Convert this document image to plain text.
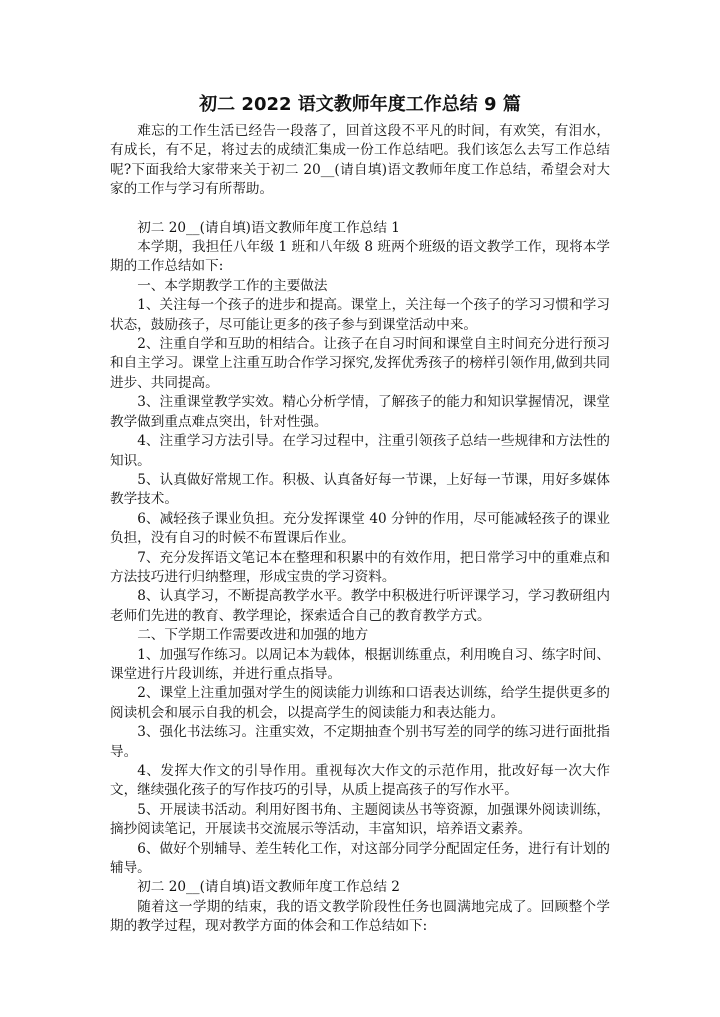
初二 2022 语文教师年度工作总结 9 篇

难忘的工作生活已经告一段落了，回首这段不平凡的时间，有欢笑，有泪水，有成长，有不足，将过去的成绩汇集成一份工作总结吧。我们该怎么去写工作总结呢?下面我给大家带来关于初二 20__(请自填)语文教师年度工作总结，希望会对大家的工作与学习有所帮助。

初二 20__(请自填)语文教师年度工作总结 1

本学期，我担任八年级 1 班和八年级 8 班两个班级的语文教学工作，现将本学期的工作总结如下:

一、本学期教学工作的主要做法

1、关注每一个孩子的进步和提高。课堂上，关注每一个孩子的学习习惯和学习状态，鼓励孩子，尽可能让更多的孩子参与到课堂活动中来。

2、注重自学和互助的相结合。让孩子在自习时间和课堂自主时间充分进行预习和自主学习。课堂上注重互助合作学习探究,发挥优秀孩子的榜样引领作用,做到共同进步、共同提高。

3、注重课堂教学实效。精心分析学情，了解孩子的能力和知识掌握情况，课堂教学做到重点难点突出，针对性强。

4、注重学习方法引导。在学习过程中，注重引领孩子总结一些规律和方法性的知识。

5、认真做好常规工作。积极、认真备好每一节课，上好每一节课，用好多媒体教学技术。

6、减轻孩子课业负担。充分发挥课堂 40 分钟的作用，尽可能减轻孩子的课业负担，没有自习的时候不布置课后作业。

7、充分发挥语文笔记本在整理和积累中的有效作用，把日常学习中的重难点和方法技巧进行归纳整理，形成宝贵的学习资料。

8、认真学习，不断提高教学水平。教学中积极进行听评课学习，学习教研组内老师们先进的教育、教学理论，探索适合自己的教育教学方式。

二、下学期工作需要改进和加强的地方

1、加强写作练习。以周记本为载体，根据训练重点，利用晚自习、练字时间、课堂进行片段训练，并进行重点指导。

2、课堂上注重加强对学生的阅读能力训练和口语表达训练，给学生提供更多的阅读机会和展示自我的机会，以提高学生的阅读能力和表达能力。

3、强化书法练习。注重实效，不定期抽查个别书写差的同学的练习进行面批指导。

4、发挥大作文的引导作用。重视每次大作文的示范作用，批改好每一次大作文，继续强化孩子的写作技巧的引导，从质上提高孩子的写作水平。

5、开展读书活动。利用好图书角、主题阅读丛书等资源，加强课外阅读训练，摘抄阅读笔记，开展读书交流展示等活动，丰富知识，培养语文素养。

6、做好个别辅导、差生转化工作，对这部分同学分配固定任务，进行有计划的辅导。

初二 20__(请自填)语文教师年度工作总结 2

随着这一学期的结束，我的语文教学阶段性任务也圆满地完成了。回顾整个学期的教学过程，现对教学方面的体会和工作总结如下:
